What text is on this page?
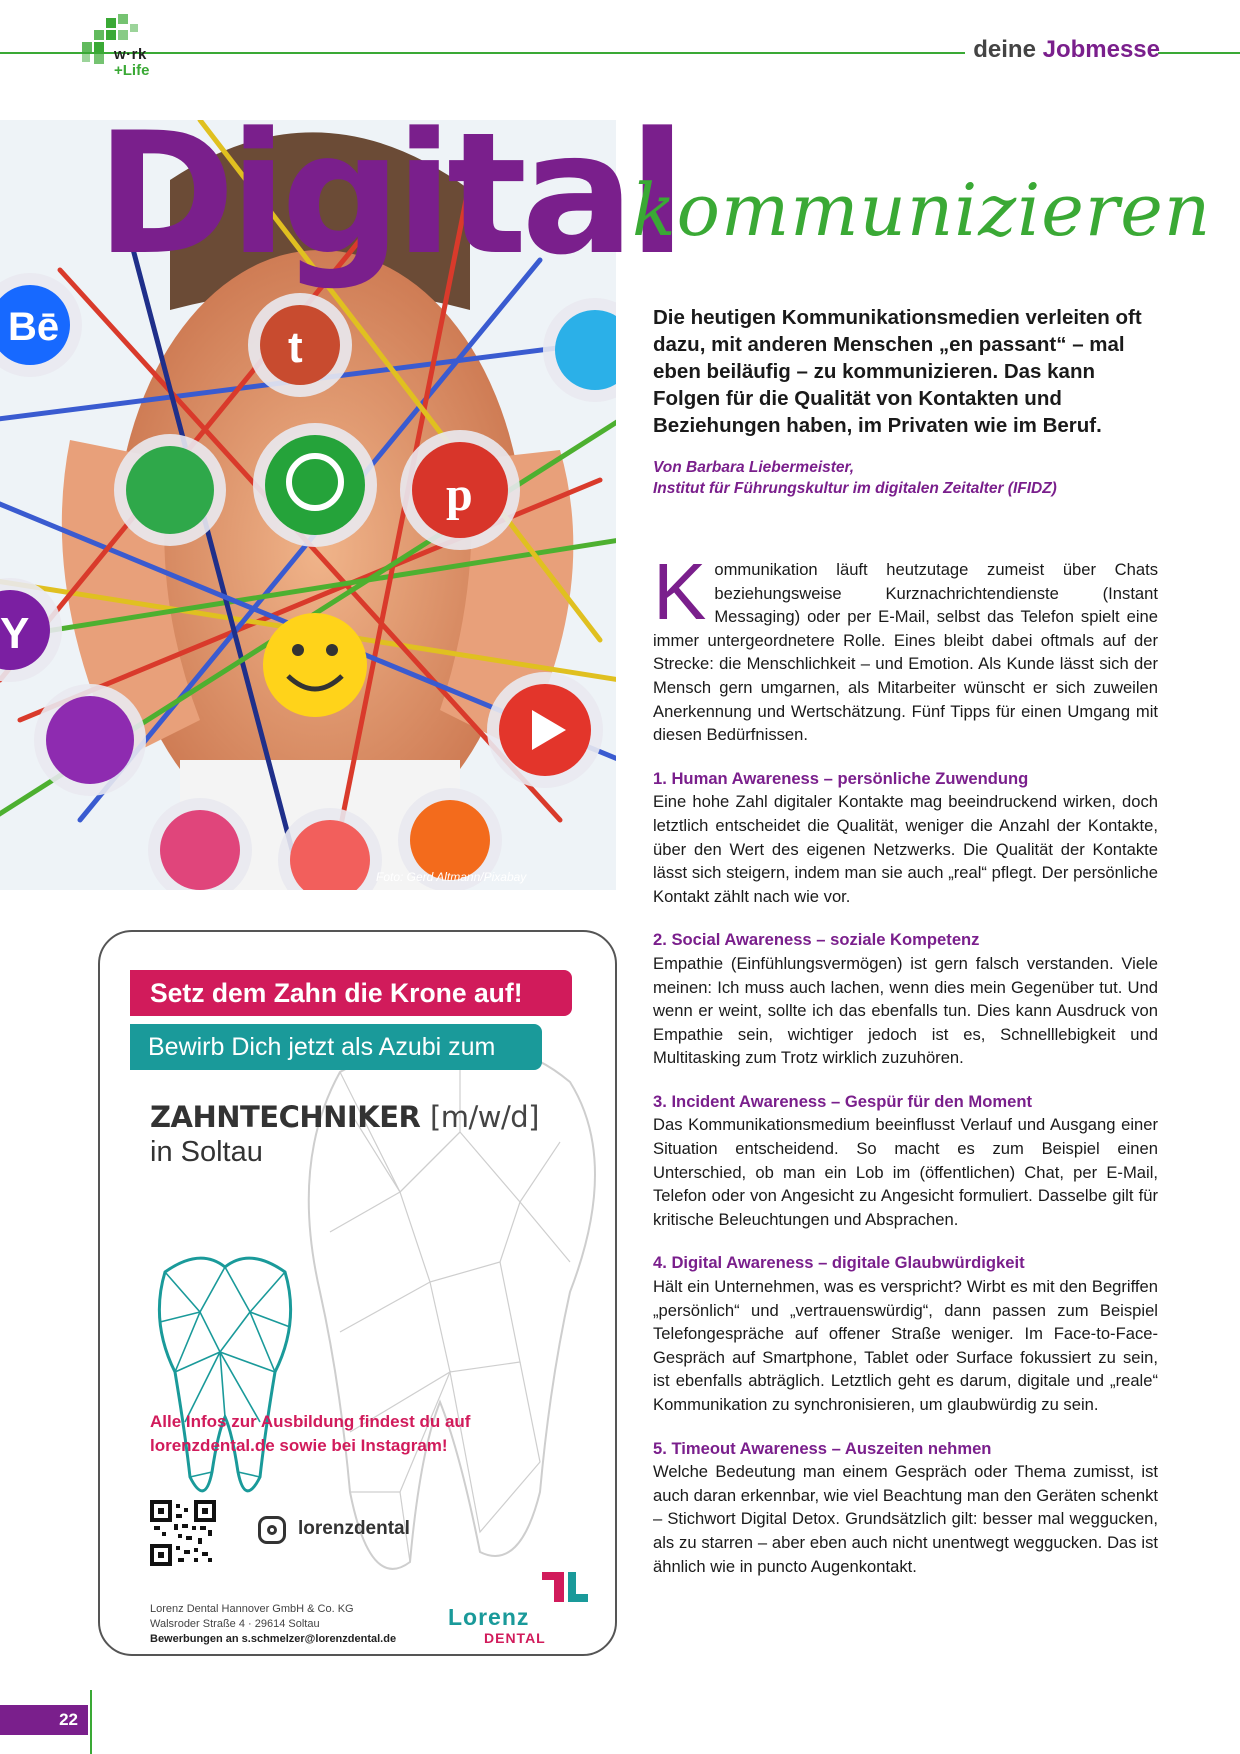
w·rk
+Life
deine Jobmesse
Bē	t
p
Y
Foto: Gerd Altmann/Pixabay
Digital
kommunizieren
Die heutigen Kommunikationsmedien verleiten oft dazu, mit anderen Menschen „en passant“ – mal eben beiläufig – zu kommunizieren. Das kann Folgen für die Qualität von Kontakten und Beziehungen haben, im Privaten wie im Beruf.
Von Barbara Liebermeister,
Institut für Führungskultur im digitalen Zeitalter (IFIDZ)

Kommunikation läuft heutzutage zumeist über Chats beziehungsweise Kurznachrichtendienste (Instant Messaging) oder per E-Mail, selbst das Telefon spielt eine immer untergeordnetere Rolle. Eines bleibt dabei oftmals auf der Strecke: die Menschlichkeit – und Emotion. Als Kunde lässt sich der Mensch gern umgarnen, als Mitarbeiter wünscht er sich zuweilen Anerkennung und Wertschätzung. Fünf Tipps für einen Umgang mit diesen Bedürfnissen.

1. Human Awareness – persönliche Zuwendung

Eine hohe Zahl digitaler Kontakte mag beeindruckend wirken, doch letztlich entscheidet die Qualität, weniger die Anzahl der Kontakte, über den Wert des eigenen Netzwerks. Die Qualität der Kontakte lässt sich steigern, indem man sie auch „real“ pflegt. Der persönliche Kontakt zählt nach wie vor.

2. Social Awareness – soziale Kompetenz

Empathie (Einfühlungsvermögen) ist gern falsch verstanden. Viele meinen: Ich muss auch lachen, wenn dies mein Gegenüber tut. Und wenn er weint, sollte ich das ebenfalls tun. Dies kann Ausdruck von Empathie sein, wichtiger jedoch ist es, Schnelllebigkeit und Multitasking zum Trotz wirklich zuzuhören.

3. Incident Awareness – Gespür für den Moment

Das Kommunikationsmedium beeinflusst Verlauf und Ausgang einer Situation entscheidend. So macht es zum Beispiel einen Unterschied, ob man ein Lob im (öffentlichen) Chat, per E-Mail, Telefon oder von Angesicht zu Angesicht formuliert. Dasselbe gilt für kritische Beleuchtungen und Absprachen.

4. Digital Awareness – digitale Glaubwürdigkeit

Hält ein Unternehmen, was es verspricht? Wirbt es mit den Begriffen „persönlich“ und „vertrauenswürdig“, dann passen zum Beispiel Telefongespräche auf offener Straße weniger. Im Face-to-Face-Gespräch auf Smartphone, Tablet oder Surface fokussiert zu sein, ist ebenfalls abträglich. Letztlich geht es darum, digitale und „reale“ Kommunikation zu synchronisieren, um glaubwürdig zu sein.

5. Timeout Awareness – Auszeiten nehmen

Welche Bedeutung man einem Gespräch oder Thema zumisst, ist auch daran erkennbar, wie viel Beachtung man den Geräten schenkt – Stichwort Digital Detox. Grundsätzlich gilt: besser mal weggucken, als zu starren – aber eben auch nicht unentwegt weggucken. Das ist ähnlich wie in puncto Augenkontakt.

Setz dem Zahn die Krone auf!
Bewirb Dich jetzt als Azubi zum
ZAHNTECHNIKER [m/w/d]
in Soltau
Alle Infos zur Ausbildung findest du auf lorenzdental.de sowie bei Instagram!
lorenzdental
Lorenz Dental Hannover GmbH & Co. KG
Walsroder Straße 4 · 29614 Soltau
Bewerbungen an s.schmelzer@lorenzdental.de
Lorenz
DENTAL
22
